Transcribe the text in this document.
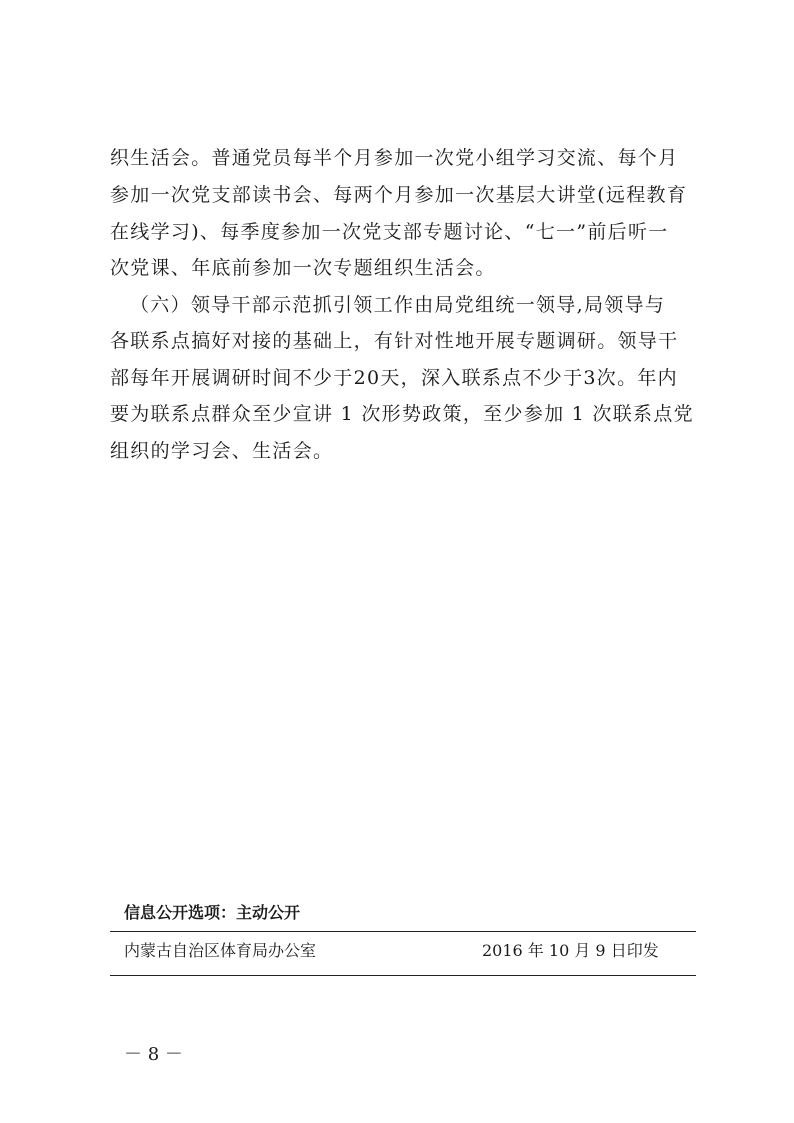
织生活会。普通党员每半个月参加一次党小组学习交流、每个月
参加一次党支部读书会、每两个月参加一次基层大讲堂(远程教育
在线学习)、每季度参加一次党支部专题讨论、“七一”前后听一
次党课、年底前参加一次专题组织生活会。
（六）领导干部示范抓引领工作由局党组统一领导,局领导与
各联系点搞好对接的基础上，有针对性地开展专题调研。领导干
部每年开展调研时间不少于20天，深入联系点不少于3次。年内
要为联系点群众至少宣讲 1 次形势政策，至少参加 1 次联系点党
组织的学习会、生活会。
信息公开选项：主动公开
内蒙古自治区体育局办公室	2016 年 10 月 9 日印发
－ 8 －
